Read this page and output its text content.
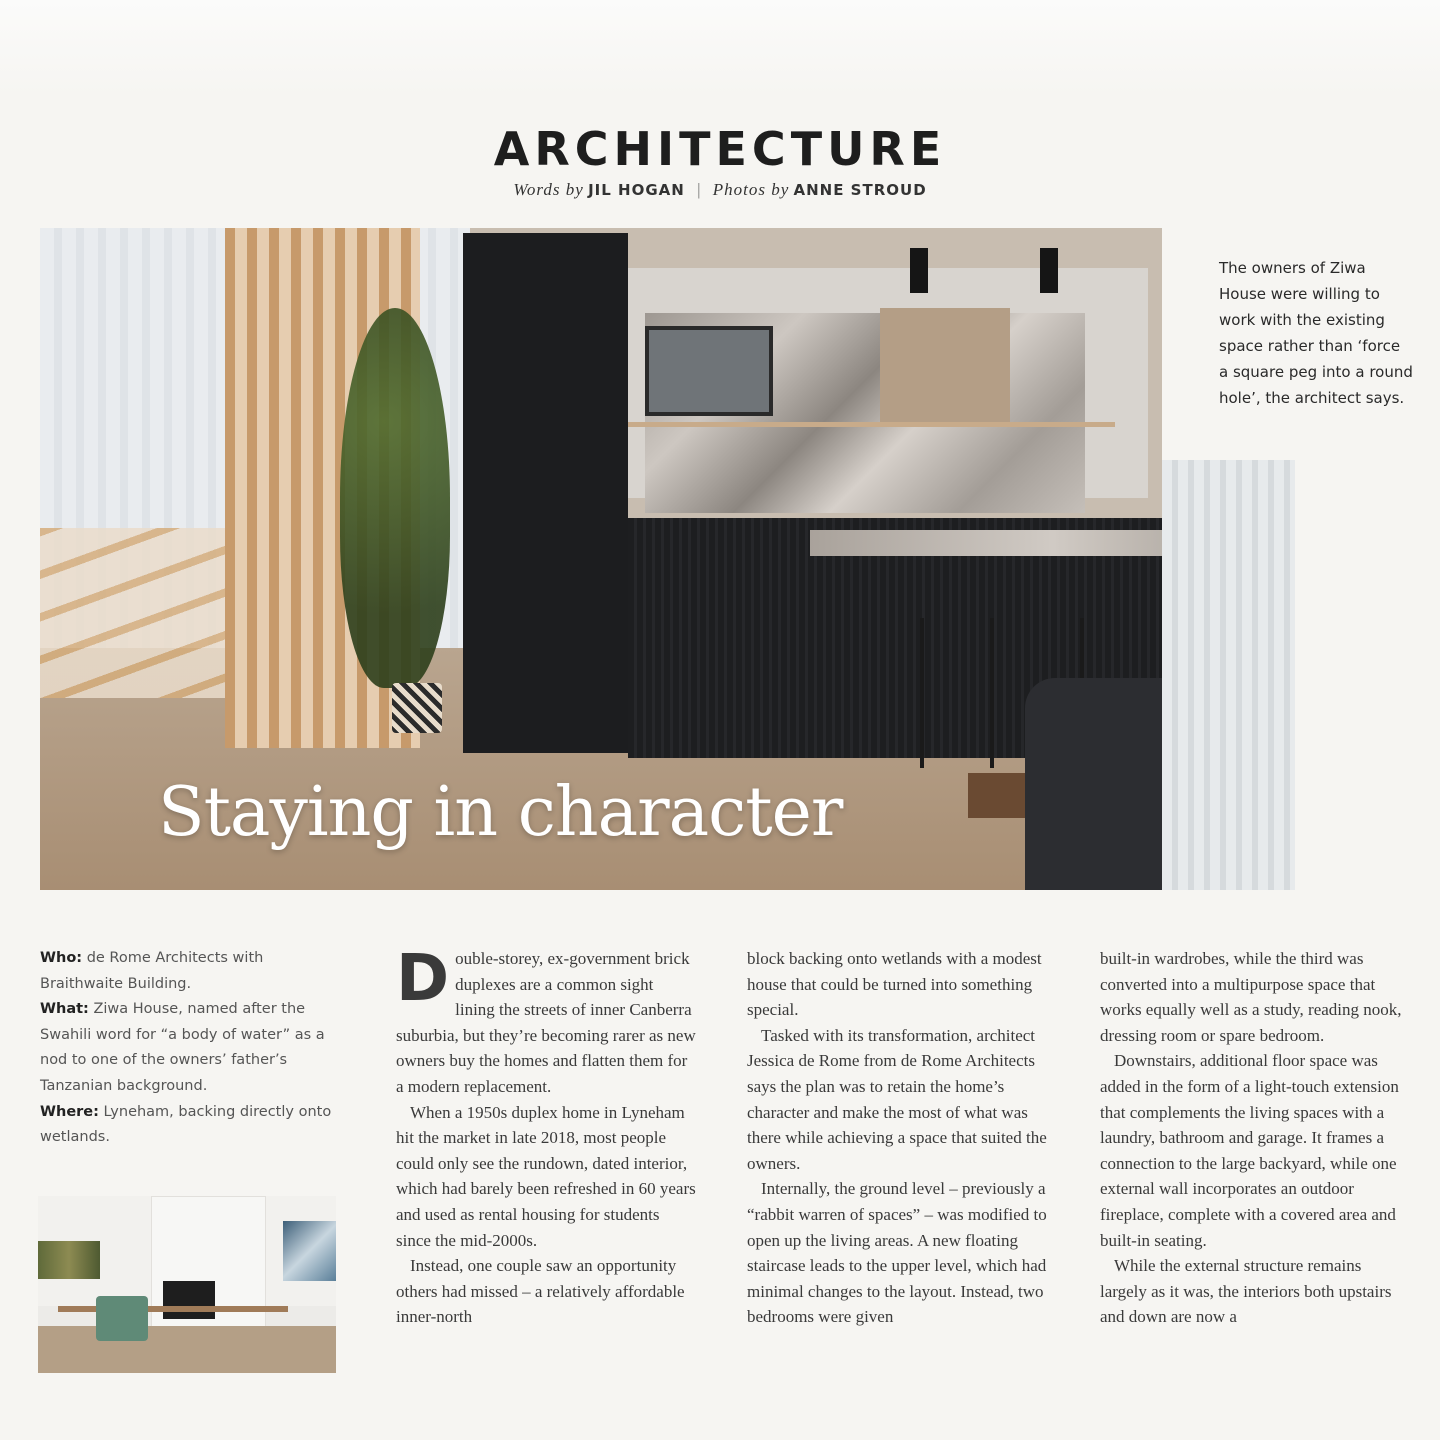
ARCHITECTURE
Words by JIL HOGAN | Photos by ANNE STROUD
Staying in character
The owners of Ziwa
House were willing to
work with the existing
space rather than ‘force
a square peg into a round
hole’, the architect says.
Who: de Rome Architects with Braithwaite Building.
What: Ziwa House, named after the Swahili word for “a body of water” as a nod to one of the owners’ father’s Tanzanian background.
Where: Lyneham, backing directly onto wetlands.

Double-storey, ex-government brick duplexes are a common sight lining the streets of inner Canberra suburbia, but they’re becoming rarer as new owners buy the homes and flatten them for a modern replacement.

When a 1950s duplex home in Lyneham hit the market in late 2018, most people could only see the rundown, dated interior, which had barely been refreshed in 60 years and used as rental housing for students since the mid-2000s.

Instead, one couple saw an opportunity others had missed – a relatively affordable inner-north

block backing onto wetlands with a modest house that could be turned into something special.

Tasked with its transformation, architect Jessica de Rome from de Rome Architects says the plan was to retain the home’s character and make the most of what was there while achieving a space that suited the owners.

Internally, the ground level – previously a “rabbit warren of spaces” – was modified to open up the living areas. A new floating staircase leads to the upper level, which had minimal changes to the layout. Instead, two bedrooms were given

built-in wardrobes, while the third was converted into a multipurpose space that works equally well as a study, reading nook, dressing room or spare bedroom.

Downstairs, additional floor space was added in the form of a light-touch extension that complements the living spaces with a laundry, bathroom and garage. It frames a connection to the large backyard, while one external wall incorporates an outdoor fireplace, complete with a covered area and built-in seating.

While the external structure remains largely as it was, the interiors both upstairs and down are now a
